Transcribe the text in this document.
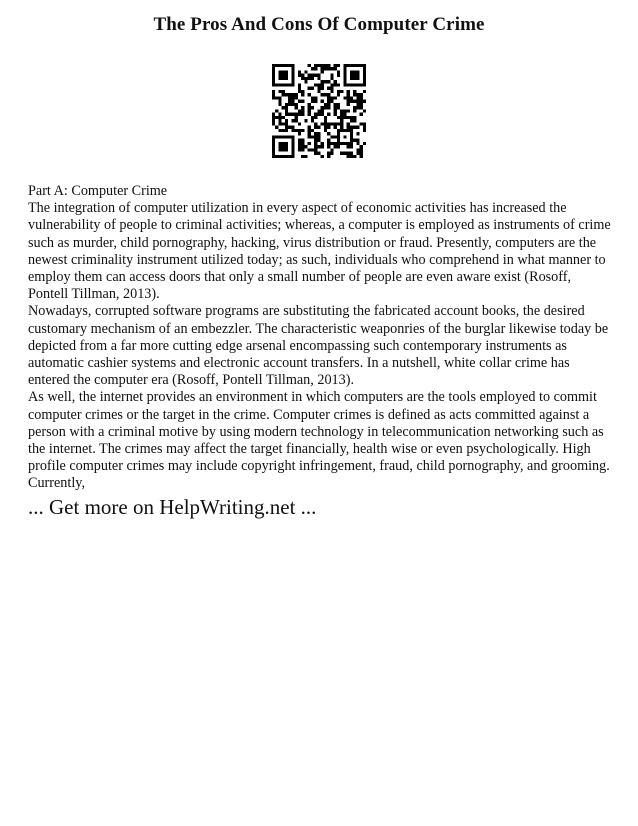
The Pros And Cons Of Computer Crime

Part A: Computer Crime

The integration of computer utilization in every aspect of economic activities has increased the vulnerability of people to criminal activities; whereas, a computer is employed as instruments of crime such as murder, child pornography, hacking, virus distribution or fraud. Presently, computers are the newest criminality instrument utilized today; as such, individuals who comprehend in what manner to employ them can access doors that only a small number of people are even aware exist (Rosoff, Pontell Tillman, 2013).

Nowadays, corrupted software programs are substituting the fabricated account books, the desired customary mechanism of an embezzler. The characteristic weaponries of the burglar likewise today be depicted from a far more cutting edge arsenal encompassing such contemporary instruments as automatic cashier systems and electronic account transfers. In a nutshell, white collar crime has entered the computer era (Rosoff, Pontell Tillman, 2013).

As well, the internet provides an environment in which computers are the tools employed to commit computer crimes or the target in the crime. Computer crimes is defined as acts committed against a person with a criminal motive by using modern technology in telecommunication networking such as the internet. The crimes may affect the target financially, health wise or even psychologically. High profile computer crimes may include copyright infringement, fraud, child pornography, and grooming. Currently,

... Get more on HelpWriting.net ...
